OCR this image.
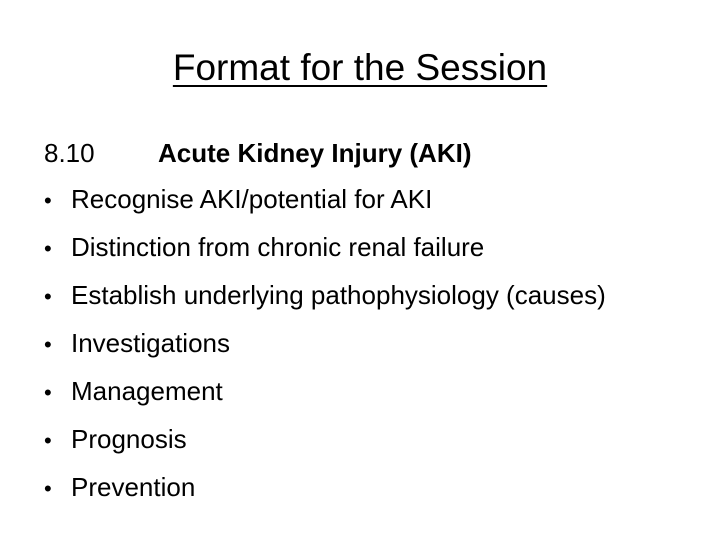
Format for the Session
8.10	Acute Kidney Injury (AKI)
• Recognise AKI/potential for AKI
• Distinction from chronic renal failure
• Establish underlying pathophysiology (causes)
• Investigations
• Management
• Prognosis
• Prevention
